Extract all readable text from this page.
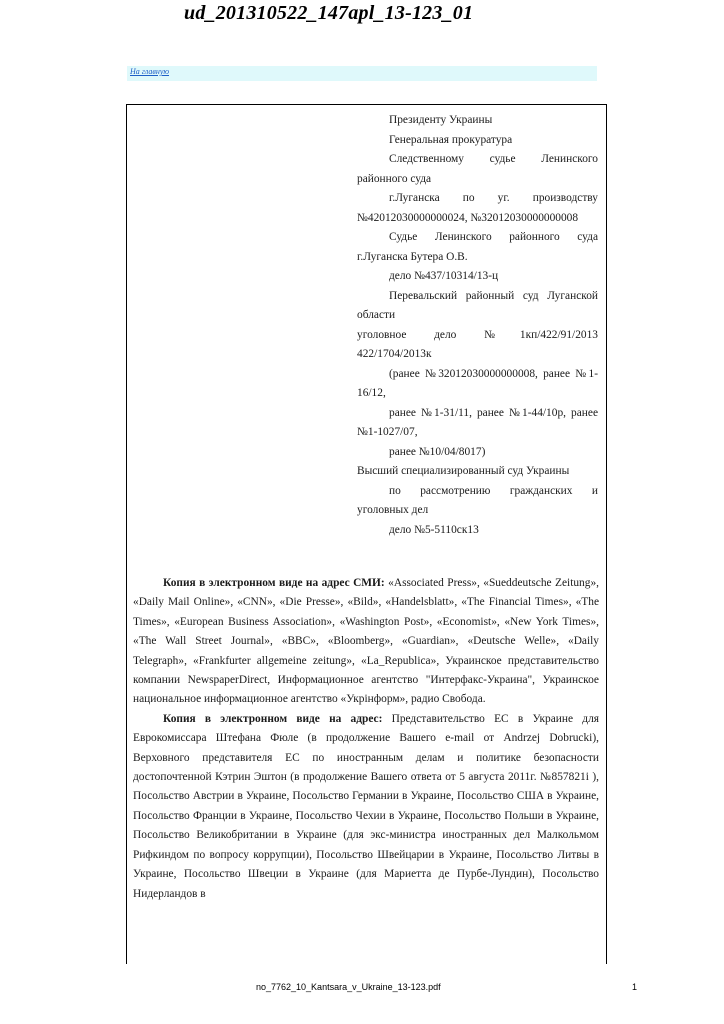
ud_201310522_147apl_13-123_01
На главную
Президенту Украины
Генеральная прокуратура
Следственному судье Ленинского районного суда
г.Луганска по уг. производству №42012030000000024, №32012030000000008
Судье Ленинского районного суда г.Луганска Бутера О.В.
дело №437/10314/13-ц
Перевальский районный суд Луганской области
уголовное дело №1кп/422/91/2013 422/1704/2013к
(ранее №32012030000000008, ранее №1-16/12,
ранее №1-31/11, ранее №1-44/10р, ранее №1-1027/07,
ранее №10/04/8017)
Высший специализированный суд Украины
по рассмотрению гражданских и уголовных дел
дело №5-5110ск13

Копия в электронном виде на адрес СМИ: «Associated Press», «Sueddeutsche Zeitung», «Daily Mail Online», «CNN», «Die Presse», «Bild», «Handelsblatt», «The Financial Times», «The Times», «European Business Association», «Washington Post», «Economist», «New York Times», «The Wall Street Journal», «BBC», «Bloomberg», «Guardian», «Deutsche Welle», «Daily Telegraph», «Frankfurter allgemeine zeitung», «La_Republica», Украинское представительство компании NewspaperDirect, Информационное агентство "Интерфакс-Украина", Украинское национальное информационное агентство «Укрінформ», радио Свобода.

Копия в электронном виде на адрес: Представительство ЕС в Украине для Еврокомиссара Штефана Фюле (в продолжение Вашего e-mail от Andrzej Dobrucki), Верховного представителя ЕС по иностранным делам и политике безопасности достопочтенной Кэтрин Эштон (в продолжение Вашего ответа от 5 августа 2011г. №857821і ), Посольство Австрии в Украине, Посольство Германии в Украине, Посольство США в Украине, Посольство Франции в Украине, Посольство Чехии в Украине, Посольство Польши в Украине, Посольство Великобритании в Украине (для экс-министра иностранных дел Малкольмом Рифкиндом по вопросу коррупции), Посольство Швейцарии в Украине, Посольство Литвы в Украине, Посольство Швеции в Украине (для Мариетта де Пурбе-Лундин), Посольство Нидерландов в

no_7762_10_Kantsara_v_Ukraine_13-123.pdf	1
